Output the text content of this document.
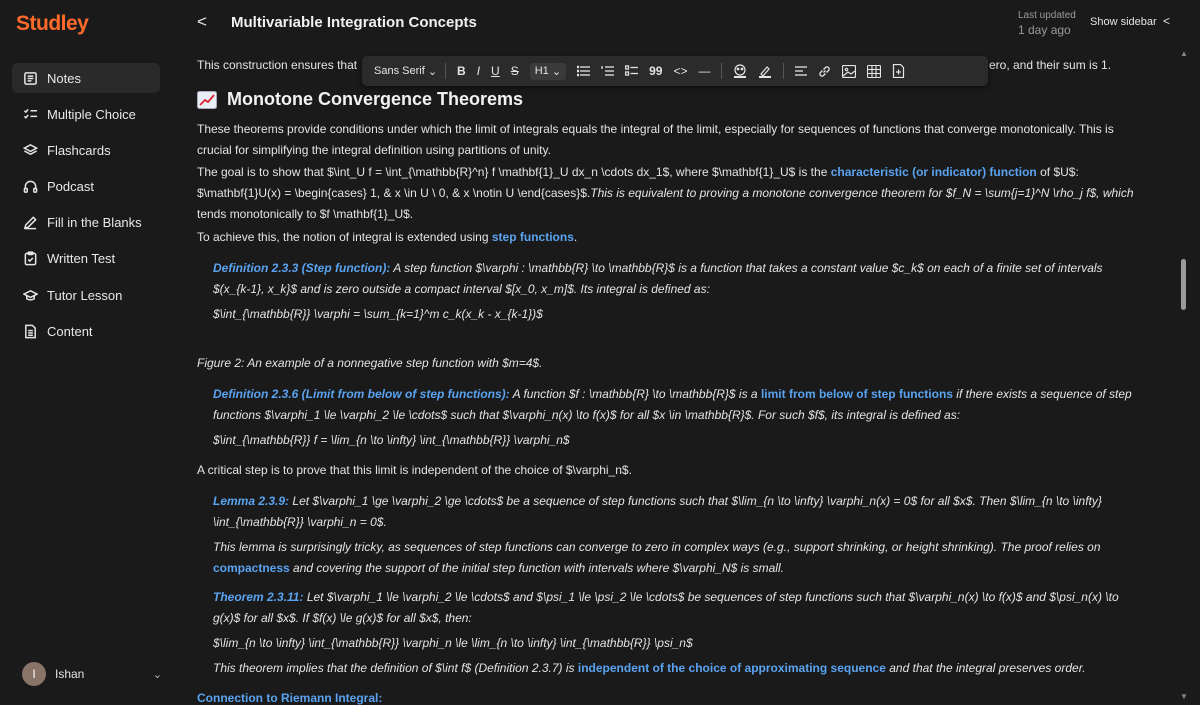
Studley
Notes
Multiple Choice
Flashcards
Podcast
Fill in the Blanks
Written Test
Tutor Lesson
Content
I	Ishan	⌄
< Multivariable Integration Concepts	Last updated
1 day ago
Show sidebar <
This construction ensures that	ero, and their sum is 1.
Monotone Convergence Theorems
These theorems provide conditions under which the limit of integrals equals the integral of the limit, especially for sequences of functions that converge monotonically. This is
crucial for simplifying the integral definition using partitions of unity.
The goal is to show that $\int_U f = \int_{\mathbb{R}^n} f \mathbf{1}_U dx_n \cdots dx_1$, where $\mathbf{1}_U$ is the characteristic (or indicator) function of $U$:
$\mathbf{1}U(x) = \begin{cases} 1, & x \in U \ 0, & x \notin U \end{cases}$.This is equivalent to proving a monotone convergence theorem for $f_N = \sum{j=1}^N \rho_j f$, which
tends monotonically to $f \mathbf{1}_U$.
To achieve this, the notion of integral is extended using step functions.
Definition 2.3.3 (Step function): A step function $\varphi : \mathbb{R} \to \mathbb{R}$ is a function that takes a constant value $c_k$ on each of a finite set of intervals
$(x_{k-1}, x_k}$ and is zero outside a compact interval $[x_0, x_m]$. Its integral is defined as:
$\int_{\mathbb{R}} \varphi = \sum_{k=1}^m c_k(x_k - x_{k-1})$
Figure 2: An example of a nonnegative step function with $m=4$.
Definition 2.3.6 (Limit from below of step functions): A function $f : \mathbb{R} \to \mathbb{R}$ is a limit from below of step functions if there exists a sequence of step
functions $\varphi_1 \le \varphi_2 \le \cdots$ such that $\varphi_n(x) \to f(x)$ for all $x \in \mathbb{R}$. For such $f$, its integral is defined as:
$\int_{\mathbb{R}} f = \lim_{n \to \infty} \int_{\mathbb{R}} \varphi_n$
A critical step is to prove that this limit is independent of the choice of $\varphi_n$.
Lemma 2.3.9: Let $\varphi_1 \ge \varphi_2 \ge \cdots$ be a sequence of step functions such that $\lim_{n \to \infty} \varphi_n(x) = 0$ for all $x$. Then $\lim_{n \to \infty}
\int_{\mathbb{R}} \varphi_n = 0$.
This lemma is surprisingly tricky, as sequences of step functions can converge to zero in complex ways (e.g., support shrinking, or height shrinking). The proof relies on
compactness and covering the support of the initial step function with intervals where $\varphi_N$ is small.
Theorem 2.3.11: Let $\varphi_1 \le \varphi_2 \le \cdots$ and $\psi_1 \le \psi_2 \le \cdots$ be sequences of step functions such that $\varphi_n(x) \to f(x)$ and $\psi_n(x) \to
g(x)$ for all $x$. If $f(x) \le g(x)$ for all $x$, then:
$\lim_{n \to \infty} \int_{\mathbb{R}} \varphi_n \le \lim_{n \to \infty} \int_{\mathbb{R}} \psi_n$
This theorem implies that the definition of $\int f$ (Definition 2.3.7) is independent of the choice of approximating sequence and that the integral preserves order.
Connection to Riemann Integral:
Sans Serif
⌄ B I U S H1
⌄	99 <> —
▲
▼
